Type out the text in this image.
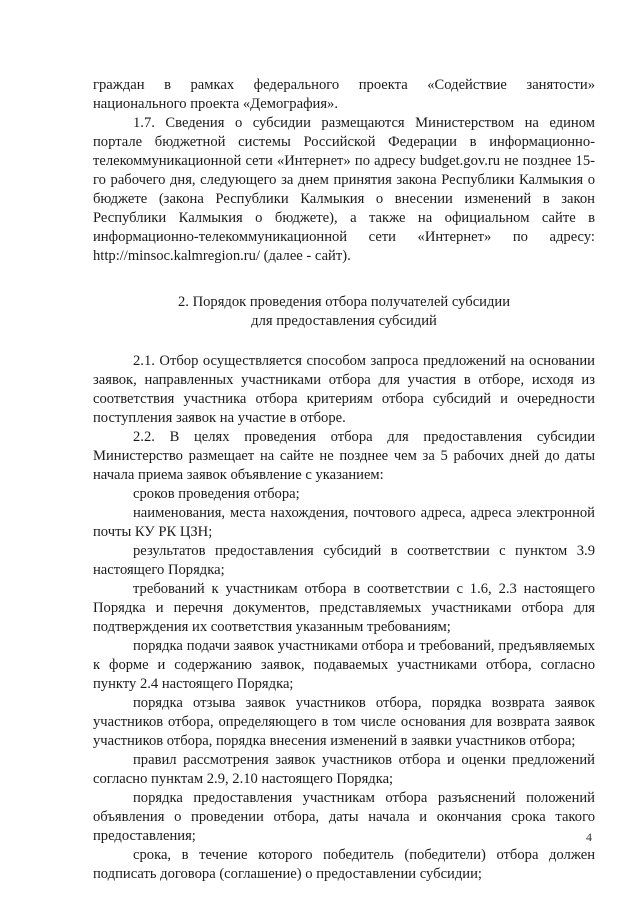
граждан в рамках федерального проекта «Содействие занятости» национального проекта «Демография».

1.7. Сведения о субсидии размещаются Министерством на едином портале бюджетной системы Российской Федерации в информационно-телекоммуникационной сети «Интернет» по адресу budget.gov.ru не позднее 15-го рабочего дня, следующего за днем принятия закона Республики Калмыкия о бюджете (закона Республики Калмыкия о внесении изменений в закон Республики Калмыкия о бюджете), а также на официальном сайте в информационно-телекоммуникационной сети «Интернет» по адресу: http://minsoc.kalmregion.ru/ (далее - сайт).

2. Порядок проведения отбора получателей субсидии
для предоставления субсидий

2.1. Отбор осуществляется способом запроса предложений на основании заявок, направленных участниками отбора для участия в отборе, исходя из соответствия участника отбора критериям отбора субсидий и очередности поступления заявок на участие в отборе.

2.2. В целях проведения отбора для предоставления субсидии Министерство размещает на сайте не позднее чем за 5 рабочих дней до даты начала приема заявок объявление с указанием:

сроков проведения отбора;

наименования, места нахождения, почтового адреса, адреса электронной почты КУ РК ЦЗН;

результатов предоставления субсидий в соответствии с пунктом 3.9 настоящего Порядка;

требований к участникам отбора в соответствии с 1.6, 2.3 настоящего Порядка и перечня документов, представляемых участниками отбора для подтверждения их соответствия указанным требованиям;

порядка подачи заявок участниками отбора и требований, предъявляемых к форме и содержанию заявок, подаваемых участниками отбора, согласно пункту 2.4 настоящего Порядка;

порядка отзыва заявок участников отбора, порядка возврата заявок участников отбора, определяющего в том числе основания для возврата заявок участников отбора, порядка внесения изменений в заявки участников отбора;

правил рассмотрения заявок участников отбора и оценки предложений согласно пунктам 2.9, 2.10 настоящего Порядка;

порядка предоставления участникам отбора разъяснений положений объявления о проведении отбора, даты начала и окончания срока такого предоставления;

срока, в течение которого победитель (победители) отбора должен подписать договора (соглашение) о предоставлении субсидии;

4
